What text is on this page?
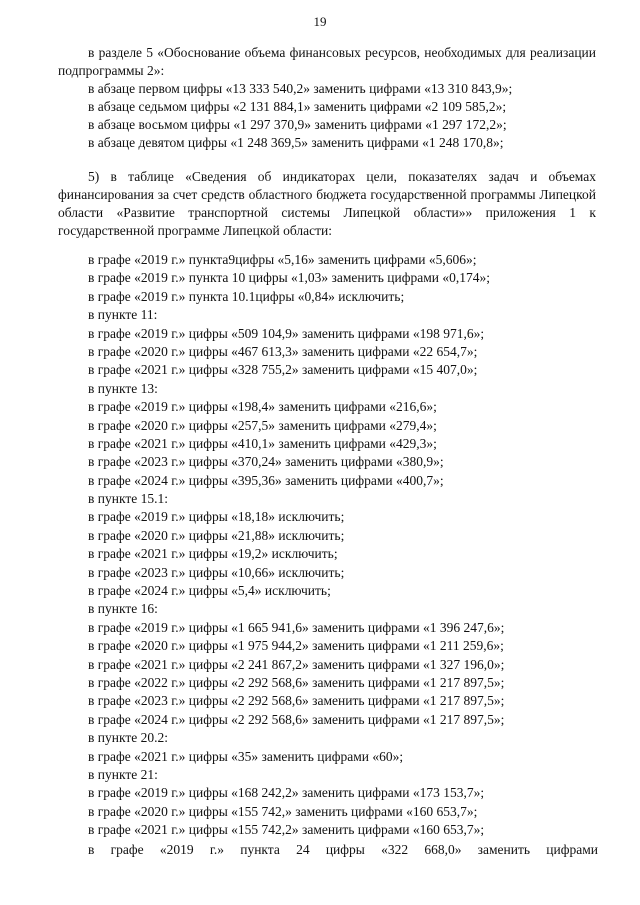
19
в разделе 5 «Обоснование объема финансовых ресурсов, необходимых для реализации подпрограммы 2»:
в абзаце первом цифры «13 333 540,2» заменить цифрами «13 310 843,9»;
в абзаце седьмом цифры «2 131 884,1» заменить цифрами «2 109 585,2»;
в абзаце восьмом цифры «1 297 370,9» заменить цифрами «1 297 172,2»;
в абзаце девятом цифры «1 248 369,5» заменить цифрами «1 248 170,8»;
5) в таблице «Сведения об индикаторах цели, показателях задач и объемах финансирования за счет средств областного бюджета государственной программы Липецкой области «Развитие транспортной системы Липецкой области»» приложения 1 к государственной программе Липецкой области:
в графе «2019 г.» пункта9цифры «5,16» заменить цифрами «5,606»;
в графе «2019 г.» пункта 10 цифры «1,03» заменить цифрами «0,174»;
в графе «2019 г.» пункта 10.1цифры «0,84» исключить;
в пункте 11:
в графе «2019 г.» цифры «509 104,9» заменить цифрами «198 971,6»;
в графе «2020 г.» цифры «467 613,3» заменить цифрами «22 654,7»;
в графе «2021 г.» цифры «328 755,2» заменить цифрами «15 407,0»;
в пункте 13:
в графе «2019 г.» цифры «198,4» заменить цифрами «216,6»;
в графе «2020 г.» цифры «257,5» заменить цифрами «279,4»;
в графе «2021 г.» цифры «410,1» заменить цифрами «429,3»;
в графе «2023 г.» цифры «370,24» заменить цифрами «380,9»;
в графе «2024 г.» цифры «395,36» заменить цифрами «400,7»;
в пункте 15.1:
в графе «2019 г.» цифры «18,18» исключить;
в графе «2020 г.» цифры «21,88» исключить;
в графе «2021 г.» цифры «19,2» исключить;
в графе «2023 г.» цифры «10,66» исключить;
в графе «2024 г.» цифры «5,4» исключить;
в пункте 16:
в графе «2019 г.» цифры «1 665 941,6» заменить цифрами «1 396 247,6»;
в графе «2020 г.» цифры «1 975 944,2» заменить цифрами «1 211 259,6»;
в графе «2021 г.» цифры «2 241 867,2» заменить цифрами «1 327 196,0»;
в графе «2022 г.» цифры «2 292 568,6» заменить цифрами «1 217 897,5»;
в графе «2023 г.» цифры «2 292 568,6» заменить цифрами «1 217 897,5»;
в графе «2024 г.» цифры «2 292 568,6» заменить цифрами «1 217 897,5»;
в пункте 20.2:
в графе «2021 г.» цифры «35» заменить цифрами «60»;
в пункте 21:
в графе «2019 г.» цифры «168 242,2» заменить цифрами «173 153,7»;
в графе «2020 г.» цифры «155 742,» заменить цифрами «160 653,7»;
в графе «2021 г.» цифры «155 742,2» заменить цифрами «160 653,7»;
в графе «2019 г.» пункта 24 цифры «322 668,0» заменить цифрами
